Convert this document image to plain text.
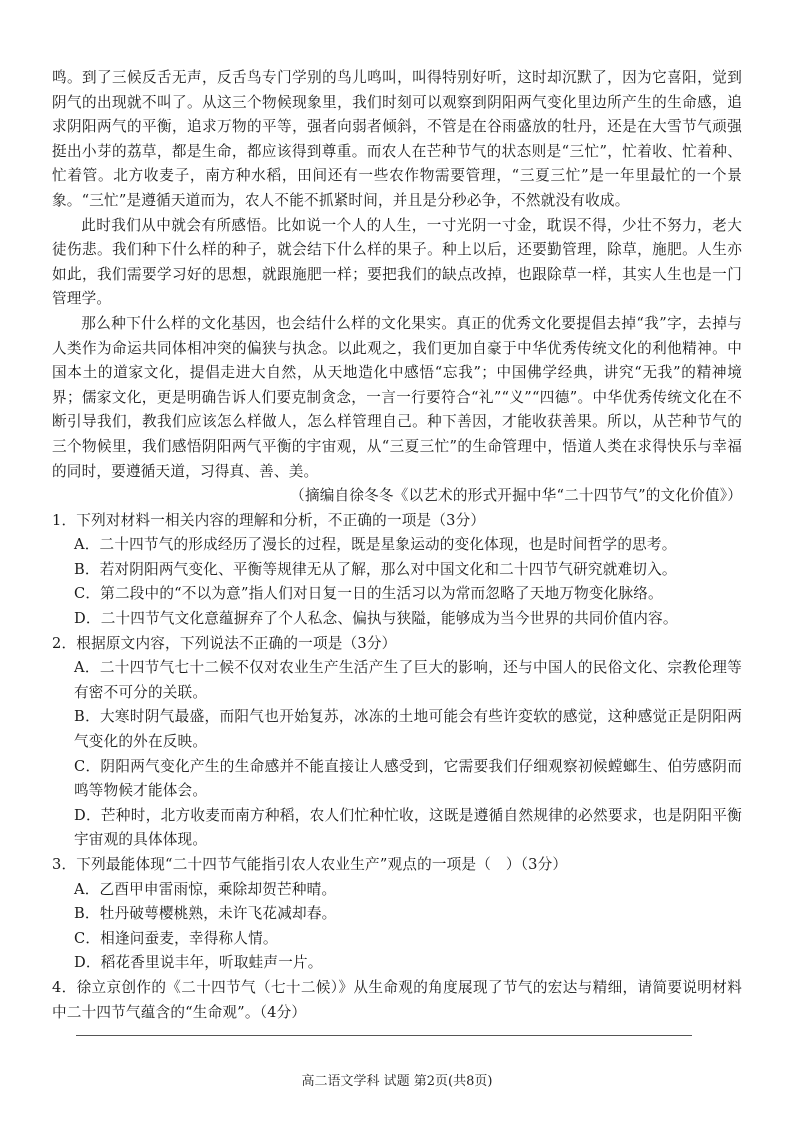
鸣。到了三候反舌无声，反舌鸟专门学别的鸟儿鸣叫，叫得特别好听，这时却沉默了，因为它喜阳，觉到阴气的出现就不叫了。从这三个物候现象里，我们时刻可以观察到阴阳两气变化里边所产生的生命感，追求阴阳两气的平衡，追求万物的平等，强者向弱者倾斜，不管是在谷雨盛放的牡丹，还是在大雪节气顽强挺出小芽的荔草，都是生命，都应该得到尊重。而农人在芒种节气的状态则是“三忙”，忙着收、忙着种、忙着管。北方收麦子，南方种水稻，田间还有一些农作物需要管理，“三夏三忙”是一年里最忙的一个景象。“三忙”是遵循天道而为，农人不能不抓紧时间，并且是分秒必争，不然就没有收成。

此时我们从中就会有所感悟。比如说一个人的人生，一寸光阴一寸金，耽误不得，少壮不努力，老大徒伤悲。我们种下什么样的种子，就会结下什么样的果子。种上以后，还要勤管理，除草，施肥。人生亦如此，我们需要学习好的思想，就跟施肥一样；要把我们的缺点改掉，也跟除草一样，其实人生也是一门管理学。

那么种下什么样的文化基因，也会结什么样的文化果实。真正的优秀文化要提倡去掉“我”字，去掉与人类作为命运共同体相冲突的偏狭与执念。以此观之，我们更加自豪于中华优秀传统文化的利他精神。中国本土的道家文化，提倡走进大自然，从天地造化中感悟“忘我”；中国佛学经典，讲究“无我”的精神境界；儒家文化，更是明确告诉人们要克制贪念，一言一行要符合“礼”“义”“四德”。中华优秀传统文化在不断引导我们，教我们应该怎么样做人，怎么样管理自己。种下善因，才能收获善果。所以，从芒种节气的三个物候里，我们感悟阴阳两气平衡的宇宙观，从“三夏三忙”的生命管理中，悟道人类在求得快乐与幸福的同时，要遵循天道，习得真、善、美。

（摘编自徐冬冬《以艺术的形式开掘中华“二十四节气”的文化价值》）

1．下列对材料一相关内容的理解和分析，不正确的一项是（3分）

A．二十四节气的形成经历了漫长的过程，既是星象运动的变化体现，也是时间哲学的思考。

B．若对阴阳两气变化、平衡等规律无从了解，那么对中国文化和二十四节气研究就难切入。

C．第二段中的“不以为意”指人们对日复一日的生活习以为常而忽略了天地万物变化脉络。

D．二十四节气文化意蕴摒弃了个人私念、偏执与狭隘，能够成为当今世界的共同价值内容。

2．根据原文内容，下列说法不正确的一项是（3分）

A．二十四节气七十二候不仅对农业生产生活产生了巨大的影响，还与中国人的民俗文化、宗教伦理等有密不可分的关联。

B．大寒时阴气最盛，而阳气也开始复苏，冰冻的土地可能会有些许変软的感觉，这种感觉正是阴阳两气变化的外在反映。

C．阴阳两气变化产生的生命感并不能直接让人感受到，它需要我们仔细观察初候螳螂生、伯劳感阴而鸣等物候才能体会。

D．芒种时，北方收麦而南方种稻，农人们忙种忙收，这既是遵循自然规律的必然要求，也是阴阳平衡宇宙观的具体体现。

3．下列最能体现“二十四节气能指引农人农业生产”观点的一项是（　）（3分）

A．乙酉甲申雷雨惊，乘除却贺芒种晴。

B．牡丹破萼樱桃熟，未许飞花减却春。

C．相逢问蚕麦，幸得称人情。

D．稻花香里说丰年，听取蛙声一片。

4．徐立京创作的《二十四节气（七十二候）》从生命观的角度展现了节气的宏达与精细，请简要说明材料中二十四节气蕴含的“生命观”。（4分）

高二语文学科 试题 第2页(共8页)
